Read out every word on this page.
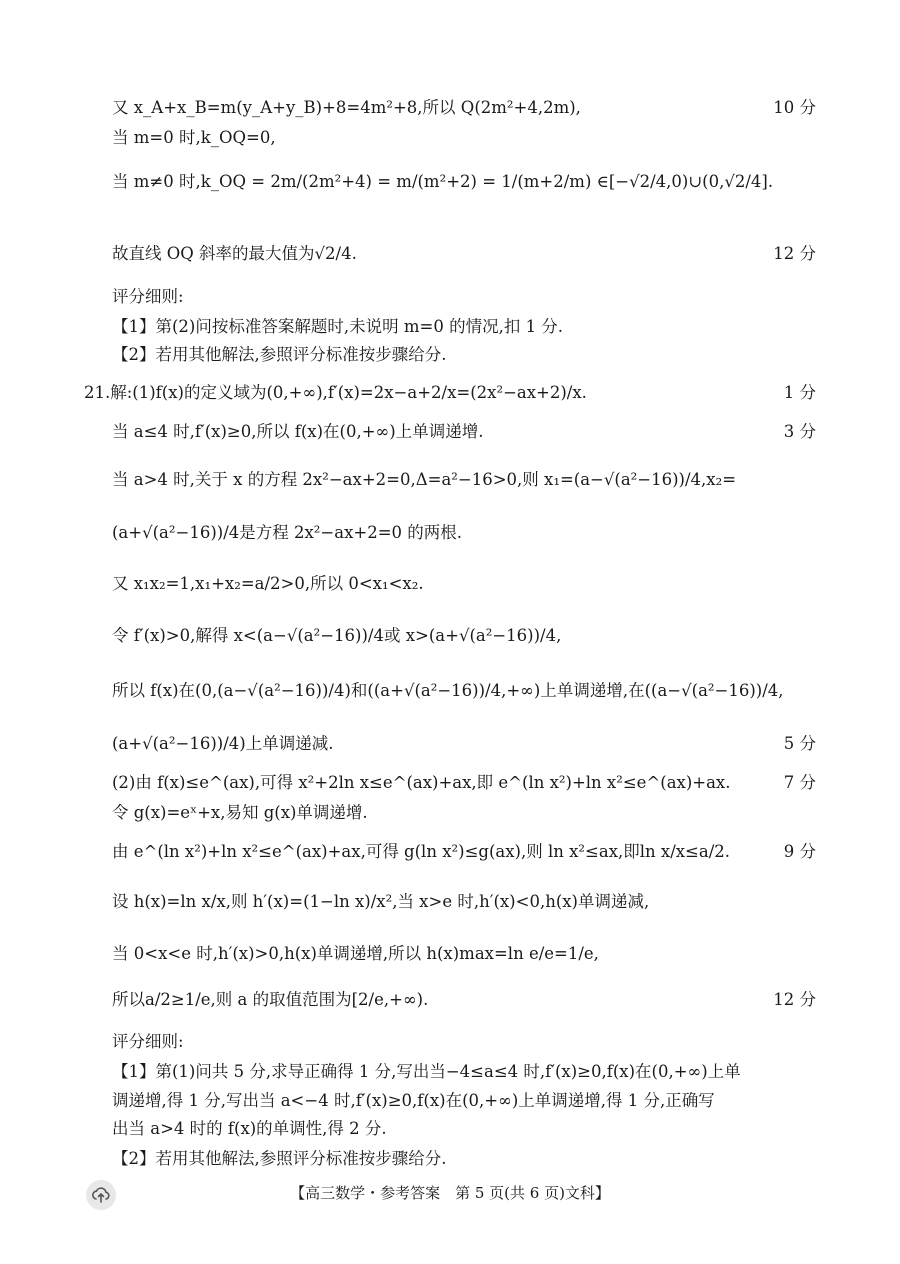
又 x_A+x_B=m(y_A+y_B)+8=4m²+8,所以 Q(2m²+4,2m),	10 分
当 m=0 时,k_OQ=0,
当 m≠0 时,k_OQ = 2m/(2m²+4) = m/(m²+2) = 1/(m+2/m) ∈[−√2/4,0)∪(0,√2/4].
故直线 OQ 斜率的最大值为√2/4.	12 分
评分细则:
【1】第(2)问按标准答案解题时,未说明 m=0 的情况,扣 1 分.
【2】若用其他解法,参照评分标准按步骤给分.
21.解:(1)f(x)的定义域为(0,+∞),f′(x)=2x−a+2/x=(2x²−ax+2)/x.	1 分
当 a≤4 时,f′(x)≥0,所以 f(x)在(0,+∞)上单调递增.	3 分
当 a>4 时,关于 x 的方程 2x²−ax+2=0,Δ=a²−16>0,则 x₁=(a−√(a²−16))/4,x₂=
(a+√(a²−16))/4是方程 2x²−ax+2=0 的两根.
又 x₁x₂=1,x₁+x₂=a/2>0,所以 0<x₁<x₂.
令 f′(x)>0,解得 x<(a−√(a²−16))/4或 x>(a+√(a²−16))/4,
所以 f(x)在(0,(a−√(a²−16))/4)和((a+√(a²−16))/4,+∞)上单调递增,在((a−√(a²−16))/4,
(a+√(a²−16))/4)上单调递减.	5 分
(2)由 f(x)≤e^(ax),可得 x²+2ln x≤e^(ax)+ax,即 e^(ln x²)+ln x²≤e^(ax)+ax.	7 分
令 g(x)=eˣ+x,易知 g(x)单调递增.
由 e^(ln x²)+ln x²≤e^(ax)+ax,可得 g(ln x²)≤g(ax),则 ln x²≤ax,即ln x/x≤a/2.	9 分
设 h(x)=ln x/x,则 h′(x)=(1−ln x)/x²,当 x>e 时,h′(x)<0,h(x)单调递减,
当 0<x<e 时,h′(x)>0,h(x)单调递增,所以 h(x)max=ln e/e=1/e,
所以a/2≥1/e,则 a 的取值范围为[2/e,+∞).	12 分
评分细则:
【1】第(1)问共 5 分,求导正确得 1 分,写出当−4≤a≤4 时,f′(x)≥0,f(x)在(0,+∞)上单
调递增,得 1 分,写出当 a<−4 时,f′(x)≥0,f(x)在(0,+∞)上单调递增,得 1 分,正确写
出当 a>4 时的 f(x)的单调性,得 2 分.
【2】若用其他解法,参照评分标准按步骤给分.
【高三数学・参考答案　第 5 页(共 6 页)文科】
